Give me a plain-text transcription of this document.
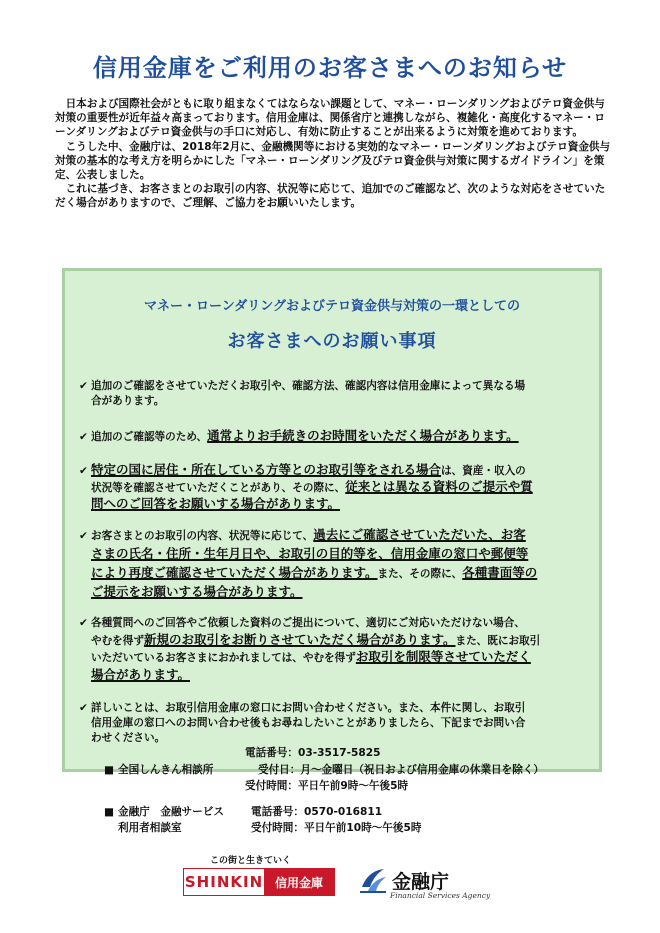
信用金庫をご利用のお客さまへのお知らせ

日本および国際社会がともに取り組まなくてはならない課題として、マネー・ローンダリングおよびテロ資金供与対策の重要性が近年益々高まっております。信用金庫は、関係省庁と連携しながら、複雑化・高度化するマネー・ローンダリングおよびテロ資金供与の手口に対応し、有効に防止することが出来るように対策を進めております。

こうした中、金融庁は、2018年2月に、金融機関等における実効的なマネー・ローンダリングおよびテロ資金供与対策の基本的な考え方を明らかにした「マネー・ローンダリング及びテロ資金供与対策に関するガイドライン」を策定、公表しました。

これに基づき、お客さまとのお取引の内容、状況等に応じて、追加でのご確認など、次のような対応をさせていただく場合がありますので、ご理解、ご協力をお願いいたします。

マネー・ローンダリングおよびテロ資金供与対策の一環としての
お客さまへのお願い事項
✔ 追加のご確認をさせていただくお取引や、確認方法、確認内容は信用金庫によって異なる場
合があります。
✔ 追加のご確認等のため、通常よりお手続きのお時間をいただく場合があります。
✔ 特定の国に居住・所在している方等とのお取引等をされる場合は、資産・収入の
状況等を確認させていただくことがあり、その際に、従来とは異なる資料のご提示や質
問へのご回答をお願いする場合があります。
✔ お客さまとのお取引の内容、状況等に応じて、過去にご確認させていただいた、お客
さまの氏名・住所・生年月日や、お取引の目的等を、信用金庫の窓口や郵便等
により再度ご確認させていただく場合があります。また、その際に、各種書面等の
ご提示をお願いする場合があります。
✔ 各種質問へのご回答やご依頼した資料のご提出について、適切にご対応いただけない場合、
やむを得ず新規のお取引をお断りさせていただく場合があります。また、既にお取引
いただいているお客さまにおかれましては、やむを得ずお取引を制限等させていただく
場合があります。
✔ 詳しいことは、お取引信用金庫の窓口にお問い合わせください。また、本件に関し、お取引
信用金庫の窓口へのお問い合わせ後もお尋ねしたいことがありましたら、下記までお問い合
わせください。
電話番号：03-3517-5825
■ 全国しんきん相談所	受付日：月～金曜日（祝日および信用金庫の休業日を除く）
受付時間：平日午前9時～午後5時
■ 金融庁　金融サービス	電話番号：0570-016811
利用者相談室	受付時間：平日午前10時～午後5時
この街と生きていく
SHINKIN 信用金庫	金融庁
Financial Services Agency
